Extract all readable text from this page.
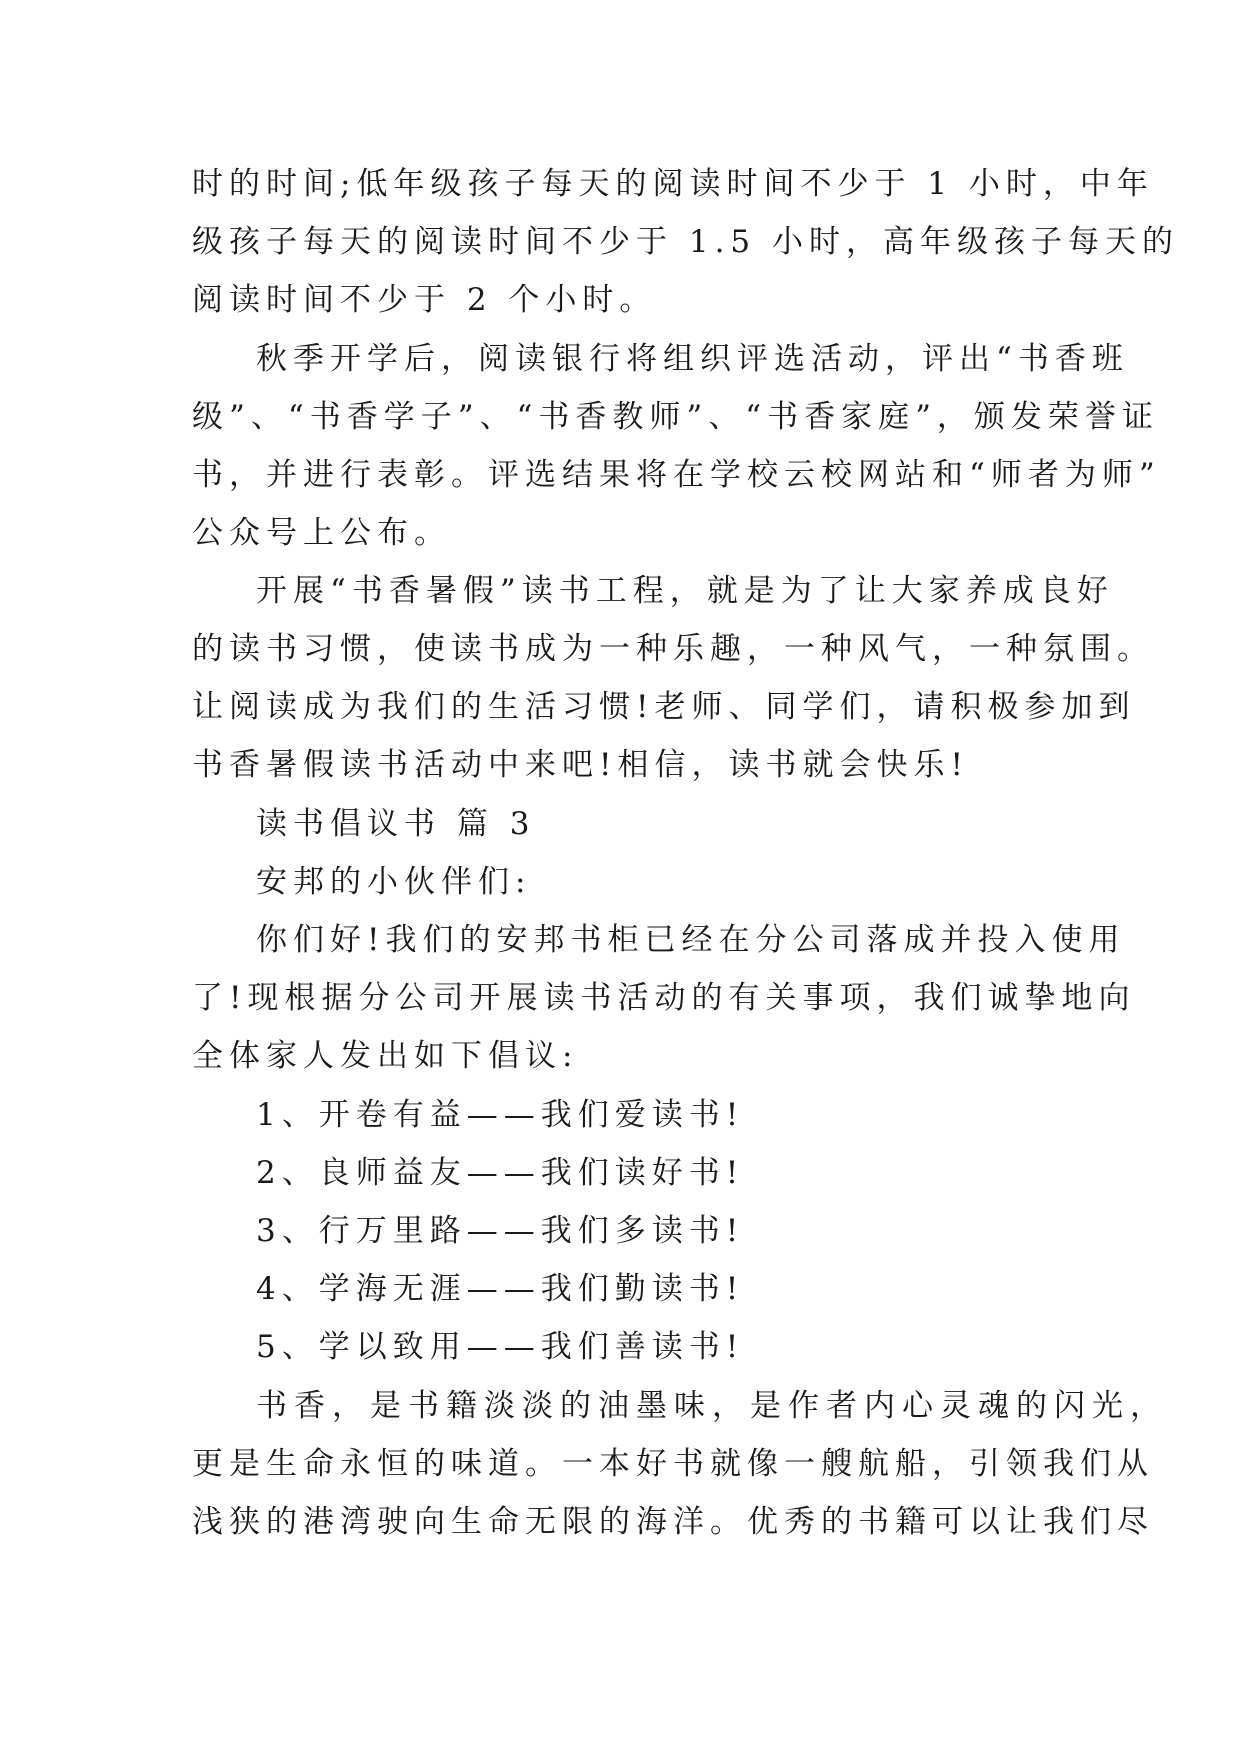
时的时间;低年级孩子每天的阅读时间不少于 1 小时，中年
级孩子每天的阅读时间不少于 1.5 小时，高年级孩子每天的
阅读时间不少于 2 个小时。
秋季开学后，阅读银行将组织评选活动，评出“书香班
级”、“书香学子”、“书香教师”、“书香家庭”，颁发荣誉证
书，并进行表彰。评选结果将在学校云校网站和“师者为师”
公众号上公布。
开展“书香暑假”读书工程，就是为了让大家养成良好
的读书习惯，使读书成为一种乐趣，一种风气，一种氛围。
让阅读成为我们的生活习惯!老师、同学们，请积极参加到
书香暑假读书活动中来吧!相信，读书就会快乐!
读书倡议书 篇 3
安邦的小伙伴们:
你们好!我们的安邦书柜已经在分公司落成并投入使用
了!现根据分公司开展读书活动的有关事项，我们诚挚地向
全体家人发出如下倡议:
1、开卷有益——我们爱读书!
2、良师益友——我们读好书!
3、行万里路——我们多读书!
4、学海无涯——我们勤读书!
5、学以致用——我们善读书!
书香，是书籍淡淡的油墨味，是作者内心灵魂的闪光，
更是生命永恒的味道。一本好书就像一艘航船，引领我们从
浅狭的港湾驶向生命无限的海洋。优秀的书籍可以让我们尽
